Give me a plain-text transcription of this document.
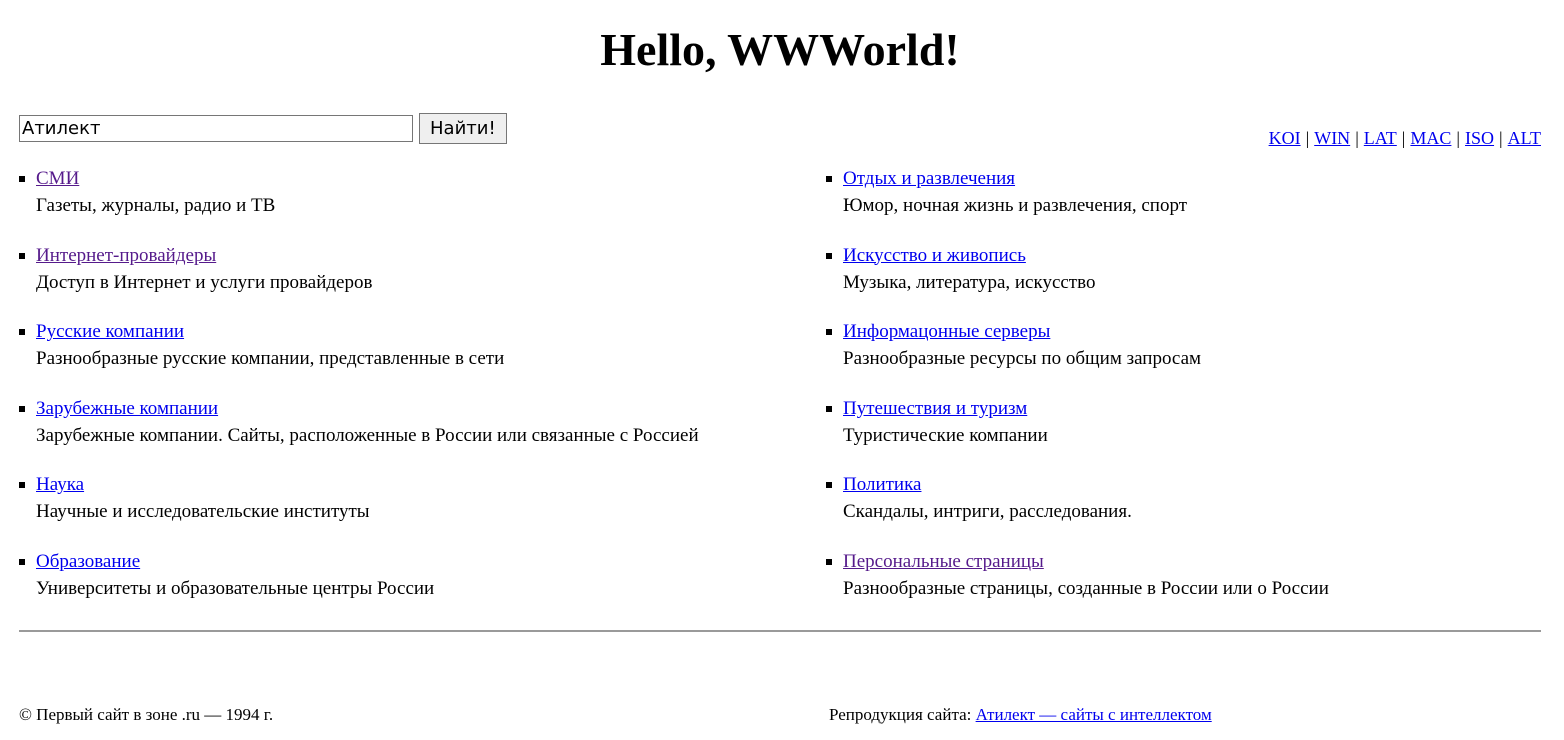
Hello, WWWorld!
Атилект
Найти!	KOI | WIN | LAT | MAC | ISO | ALT
СМИ
Газеты, журналы, радио и ТВ
Интернет-провайдеры
Доступ в Интернет и услуги провайдеров
Русские компании
Разнообразные русские компании, представленные в сети
Зарубежные компании
Зарубежные компании. Сайты, расположенные в России или связанные с Россией
Наука
Научные и исследовательские институты
Образование
Университеты и образовательные центры России
Отдых и развлечения
Юмор, ночная жизнь и развлечения, спорт
Искусство и живопись
Музыка, литература, искусство
Информацонные серверы
Разнообразные ресурсы по общим запросам
Путешествия и туризм
Туристические компании
Политика
Скандалы, интриги, расследования.
Персональные страницы
Разнообразные страницы, созданные в России или о России
© Первый сайт в зоне .ru — 1994 г.	Репродукция сайта: Атилект — сайты с интеллектом
